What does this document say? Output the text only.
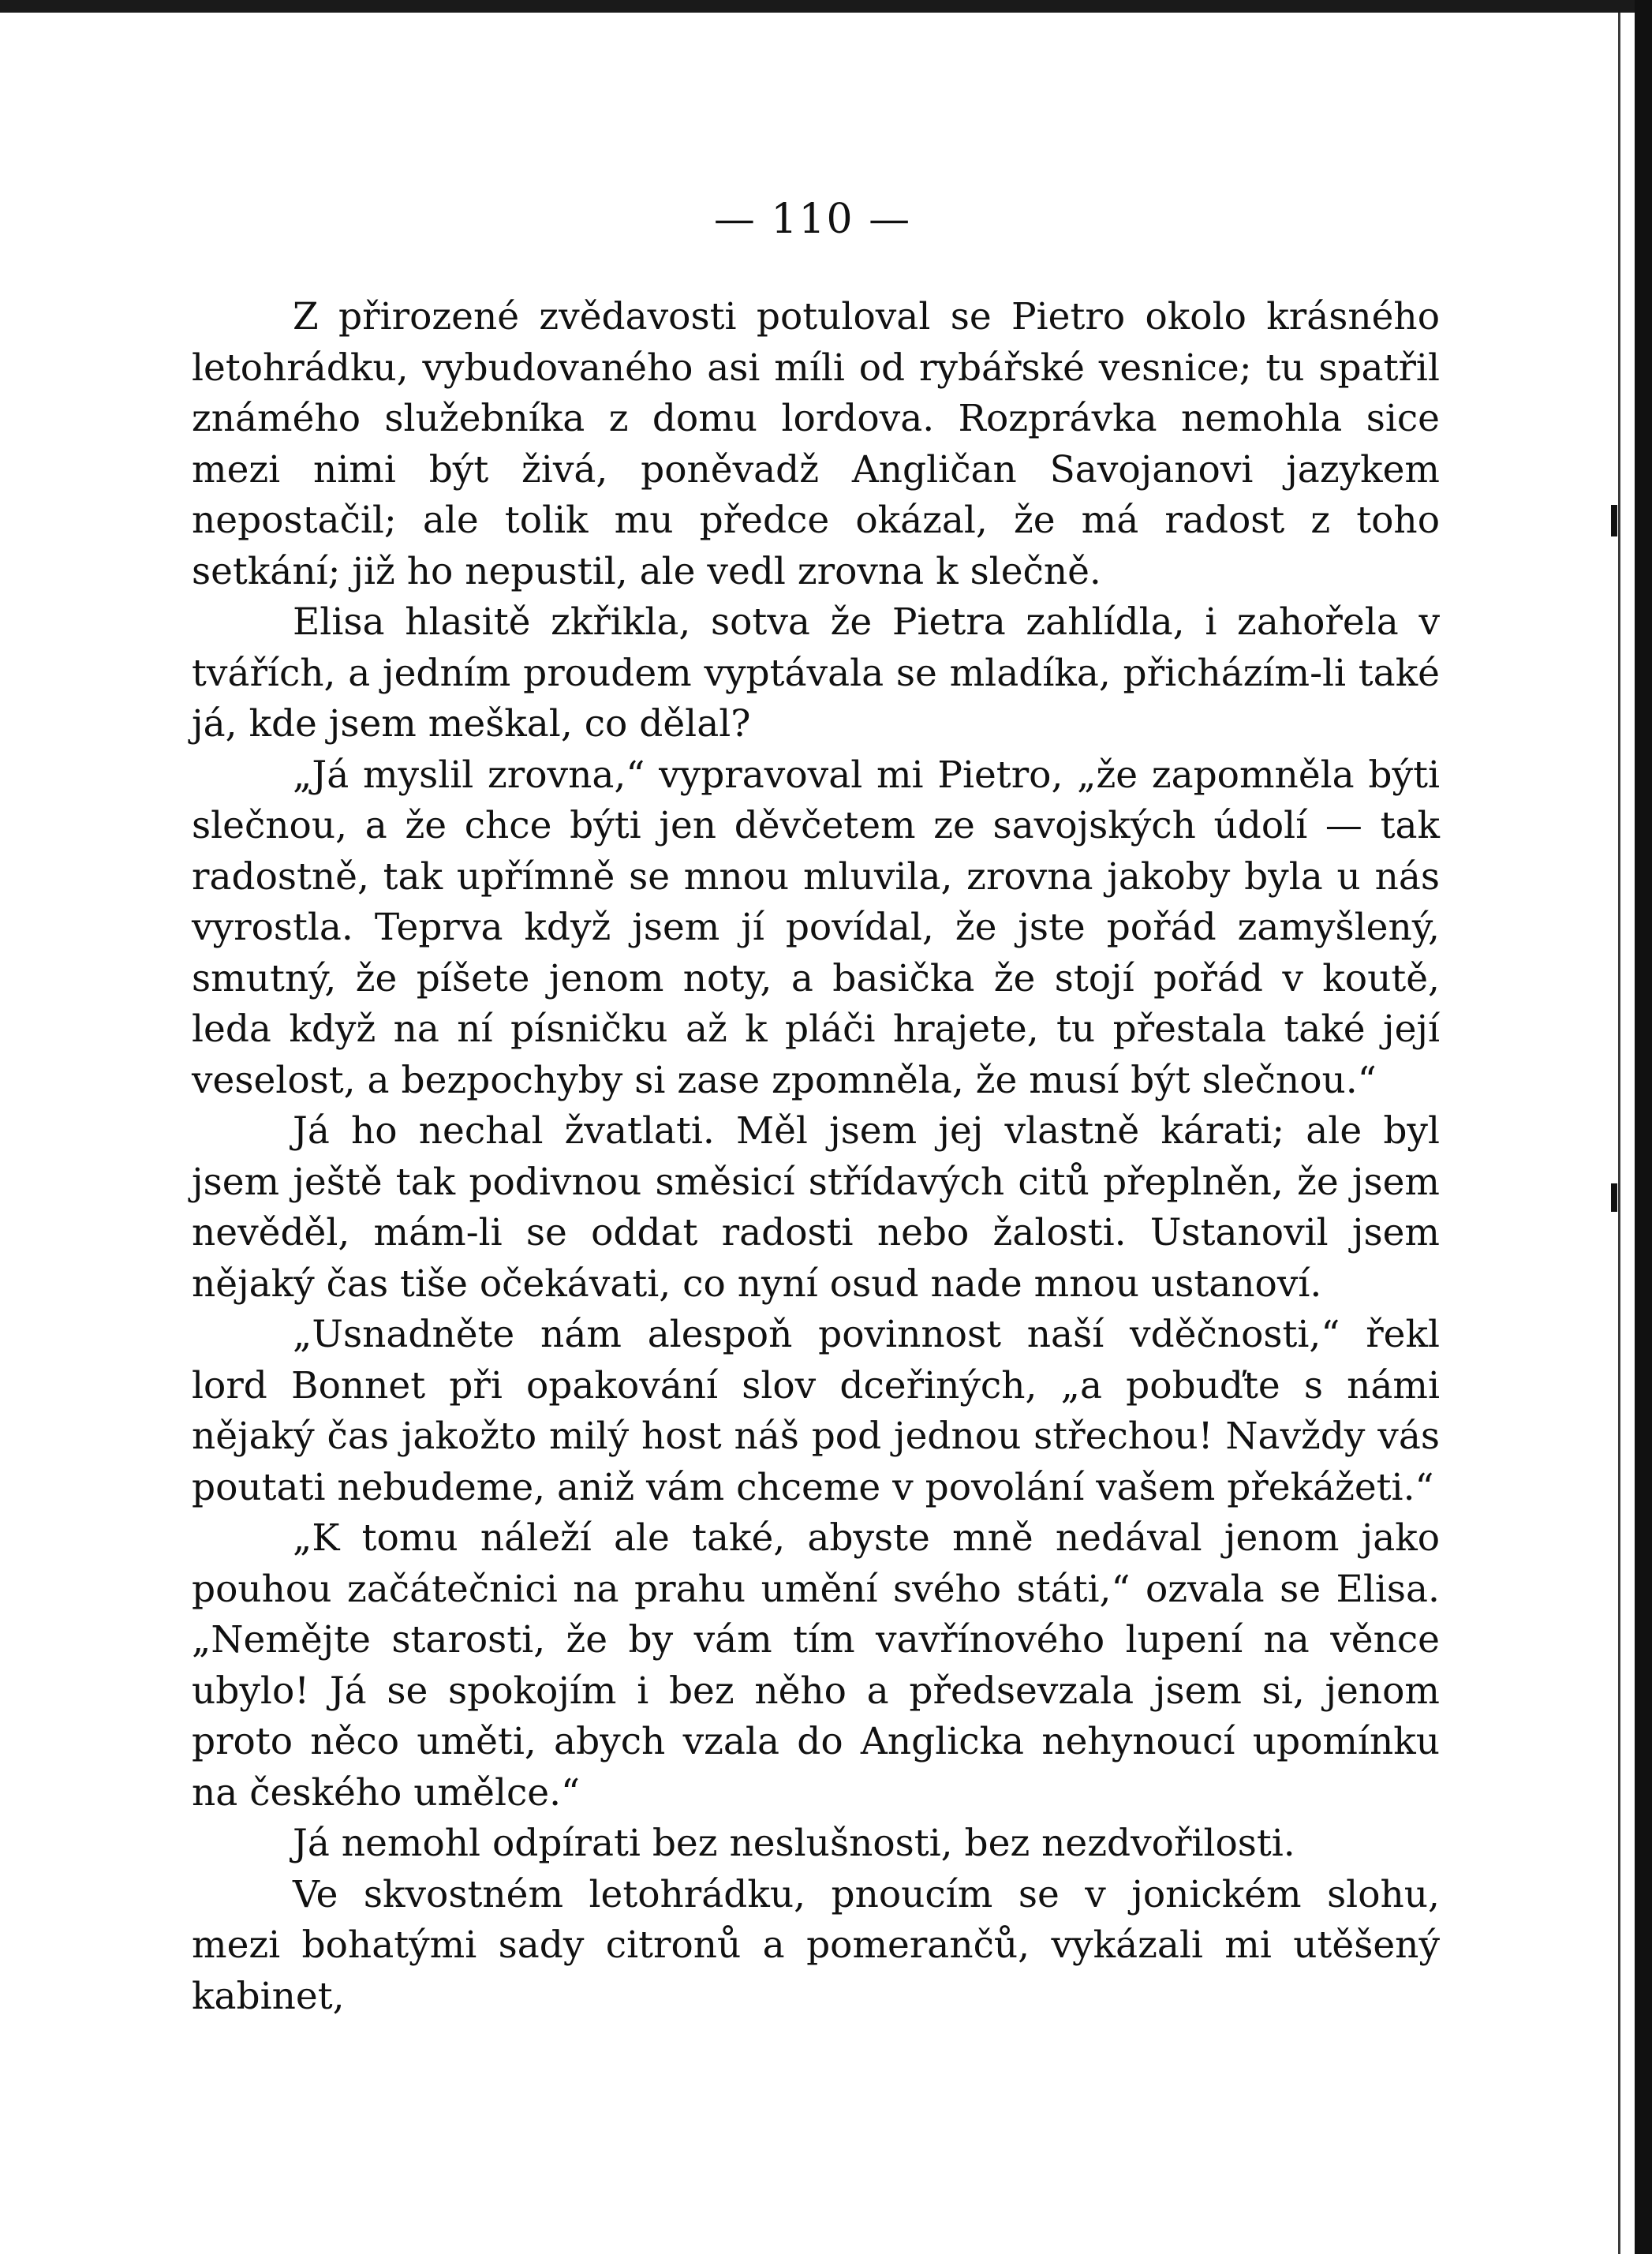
— 110 —

Z přirozené zvědavosti potuloval se Pietro okolo krásného letohrádku, vybudovaného asi míli od rybářské vesnice; tu spatřil známého služebníka z domu lordova. Rozprávka nemohla sice mezi nimi být živá, poněvadž Angličan Savojanovi jazykem nepostačil; ale tolik mu předce okázal, že má radost z toho setkání; již ho nepustil, ale vedl zrovna k slečně.

Elisa hlasitě zkřikla, sotva že Pietra zahlídla, i zahořela v tvářích, a jedním proudem vyptávala se mladíka, přicházím-li také já, kde jsem meškal, co dělal?

„Já myslil zrovna,“ vypravoval mi Pietro, „že zapomněla býti slečnou, a že chce býti jen děvčetem ze savojských údolí — tak radostně, tak upřímně se mnou mluvila, zrovna jakoby byla u nás vyrostla. Teprva když jsem jí povídal, že jste pořád zamyšlený, smutný, že píšete jenom noty, a basička že stojí pořád v koutě, leda když na ní písničku až k pláči hrajete, tu přestala také její veselost, a bezpochyby si zase zpomněla, že musí být slečnou.“

Já ho nechal žvatlati. Měl jsem jej vlastně kárati; ale byl jsem ještě tak podivnou směsicí střídavých citů přeplněn, že jsem nevěděl, mám-li se oddat radosti nebo žalosti. Ustanovil jsem nějaký čas tiše očekávati, co nyní osud nade mnou ustanoví.

„Usnadněte nám alespoň povinnost naší vděčnosti,“ řekl lord Bonnet při opakování slov dceřiných, „a pobuďte s námi nějaký čas jakožto milý host náš pod jednou střechou! Navždy vás poutati nebudeme, aniž vám chceme v povolání vašem překážeti.“

„K tomu náleží ale také, abyste mně nedával jenom jako pouhou začátečnici na prahu umění svého státi,“ ozvala se Elisa. „Nemějte starosti, že by vám tím vavřínového lupení na věnce ubylo! Já se spokojím i bez něho a předsevzala jsem si, jenom proto něco uměti, abych vzala do Anglicka nehynoucí upomínku na českého umělce.“

Já nemohl odpírati bez neslušnosti, bez nezdvořilosti.

Ve skvostném letohrádku, pnoucím se v jonickém slohu, mezi bohatými sady citronů a pomerančů, vykázali mi utěšený kabinet,
